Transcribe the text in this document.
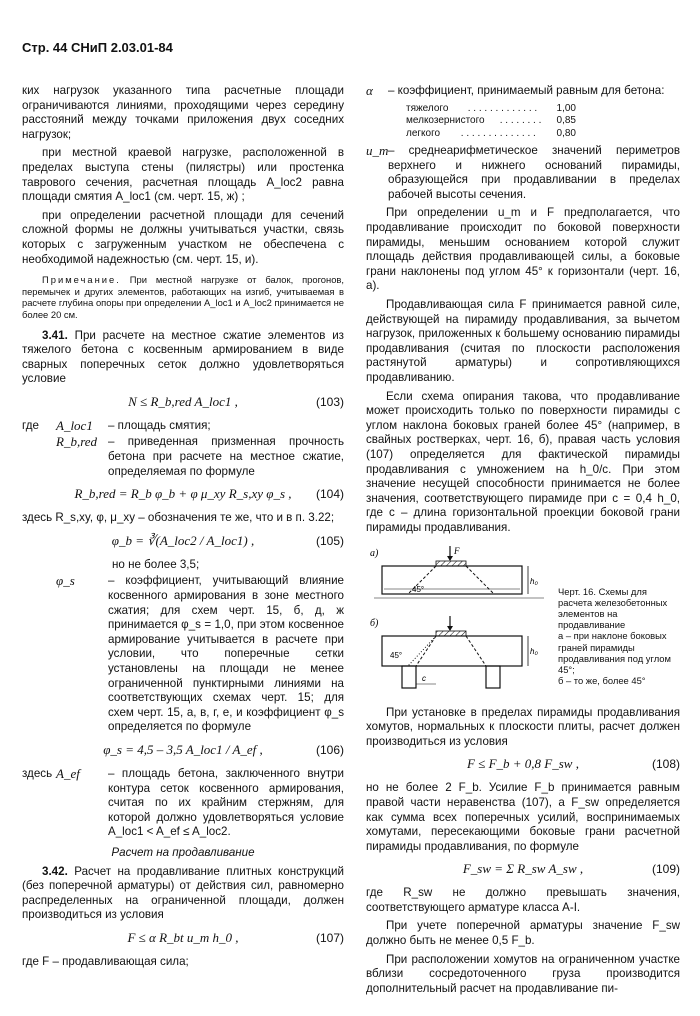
Стр. 44 СНиП 2.03.01-84

ких нагрузок указанного типа расчетные площади ограничиваются линиями, проходящими через середину расстояний между точками приложения двух соседних нагрузок;

при местной краевой нагрузке, расположенной в пределах выступа стены (пилястры) или простенка таврового сечения, расчетная площадь A_loc2 равна площади смятия A_loc1 (см. черт. 15, ж) ;

при определении расчетной площади для сечений сложной формы не должны учитываться участки, связь которых с загруженным участком не обеспечена с необходимой надежностью (см. черт. 15, и).

Примечание. При местной нагрузке от балок, прогонов, перемычек и других элементов, работающих на изгиб, учитываемая в расчете глубина опоры при определении A_loc1 и A_loc2 принимается не более 20 см.

3.41. При расчете на местное сжатие элементов из тяжелого бетона с косвенным армированием в виде сварных поперечных сеток должно удовлетворяться условие

N ≤ R_b,red A_loc1 ,	(103)
где	A_loc1	– площадь смятия;
R_b,red – приведенная призменная прочность бетона при расчете на местное сжатие, определяемая по формуле
R_b,red = R_b φ_b + φ μ_xy R_s,xy φ_s ,	(104)

здесь R_s,xy, φ, μ_xy – обозначения те же, что и в п. 3.22;

φ_b = ∛(A_loc2 / A_loc1) ,	(105)

но не более 3,5;

φ_s	– коэффициент, учитывающий влияние косвенного армирования в зоне местного сжатия; для схем черт. 15, б, д, ж принимается φ_s = 1,0, при этом косвенное армирование учитывается в расчете при условии, что поперечные сетки установлены на площади не менее ограниченной пунктирными линиями на соответствующих схемах черт. 15; для схем черт. 15, а, в, г, е, и коэффициент φ_s определяется по формуле
φ_s = 4,5 – 3,5 A_loc1 / A_ef ,	(106)
здесь A_ef	– площадь бетона, заключенного внутри контура сеток косвенного армирования, считая по их крайним стержням, для которой должно удовлетворяться условие A_loc1 < A_ef ≤ A_loc2.

Расчет на продавливание

3.42. Расчет на продавливание плитных конструкций (без поперечной арматуры) от действия сил, равномерно распределенных на ограниченной площади, должен производиться из условия

F ≤ α R_bt u_m h_0 ,	(107)

где F – продавливающая сила;

α	– коэффициент, принимаемый равным для бетона:
тяжелого . . . . . . . . . . . . . 1,00
мелкозернистого . . . . . . . . 0,85
легкого . . . . . . . . . . . . . . 0,80
u_m – среднеарифметическое значений периметров верхнего и нижнего оснований пирамиды, образующейся при продавливании в пределах рабочей высоты сечения.

При определении u_m и F предполагается, что продавливание происходит по боковой поверхности пирамиды, меньшим основанием которой служит площадь действия продавливающей силы, а боковые грани наклонены под углом 45° к горизонтали (черт. 16, а).

Продавливающая сила F принимается равной силе, действующей на пирамиду продавливания, за вычетом нагрузок, приложенных к большему основанию пирамиды продавливания (считая по плоскости расположения растянутой арматуры) и сопротивляющихся продавливанию.

Если схема опирания такова, что продавливание может происходить только по поверхности пирамиды с углом наклона боковых граней более 45° (например, в свайных ростверках, черт. 16, б), правая часть условия (107) определяется для фактической пирамиды продавливания с умножением на h_0/c. При этом значение несущей способности принимается не более значения, соответствующего пирамиде при c = 0,4 h_0, где c – длина горизонтальной проекции боковой грани пирамиды продавливания.

а)	F
45°
h₀
б)
45°
c
h₀
Черт. 16. Схемы для расчета железобетонных элементов на продавливание
а – при наклоне боковых граней пирамиды продавливания под углом 45°;
б – то же, более 45°

При установке в пределах пирамиды продавливания хомутов, нормальных к плоскости плиты, расчет должен производиться из условия

F ≤ F_b + 0,8 F_sw ,	(108)

но не более 2 F_b. Усилие F_b принимается равным правой части неравенства (107), а F_sw определяется как сумма всех поперечных усилий, воспринимаемых хомутами, пересекающими боковые грани расчетной пирамиды продавливания, по формуле

F_sw = Σ R_sw A_sw ,	(109)

где R_sw не должно превышать значения, соответствующего арматуре класса A-I.

При учете поперечной арматуры значение F_sw должно быть не менее 0,5 F_b.

При расположении хомутов на ограниченном участке вблизи сосредоточенного груза производится дополнительный расчет на продавливание пи-
